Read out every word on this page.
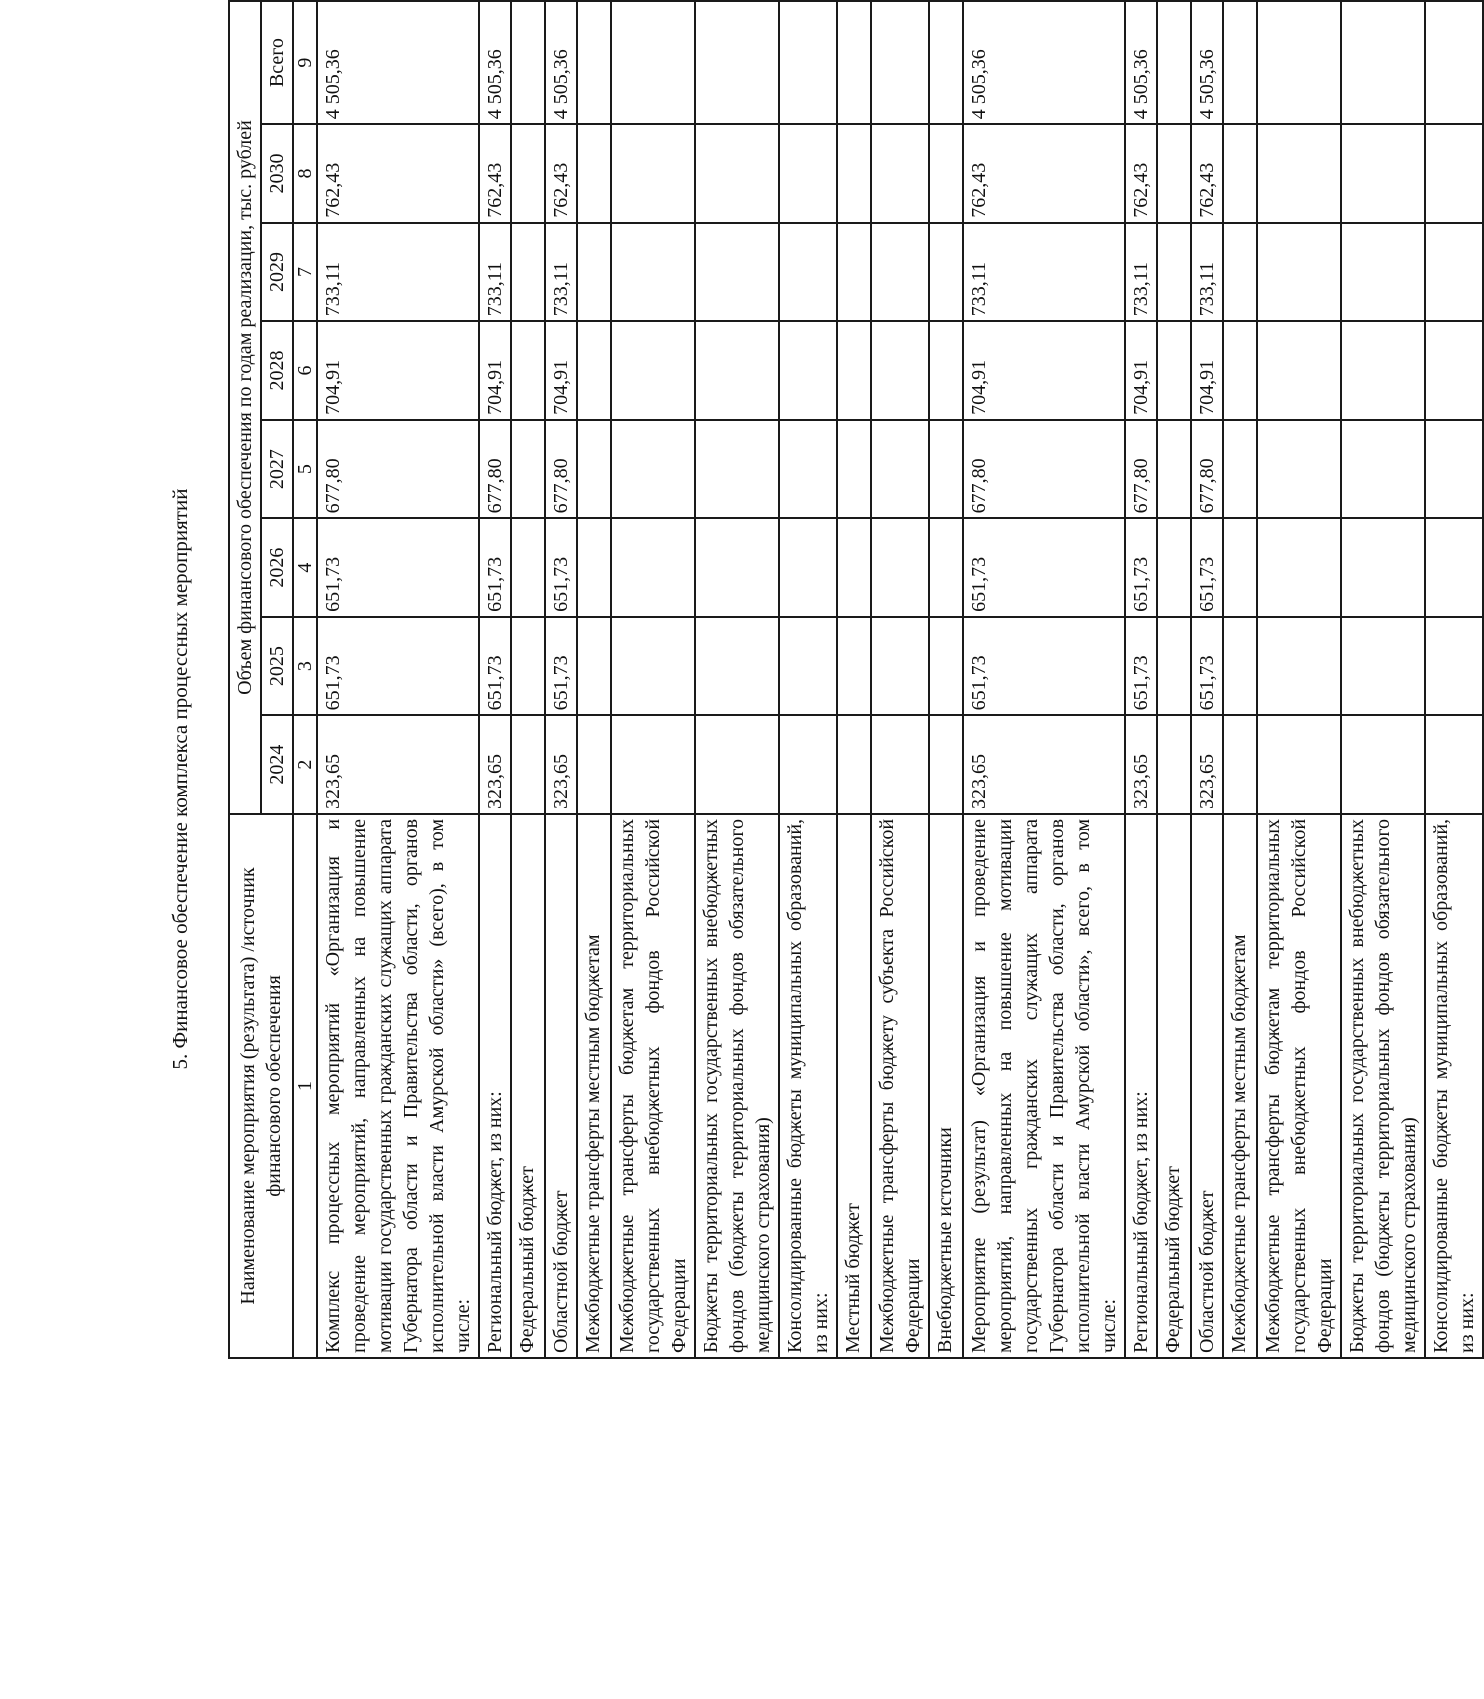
5. Финансовое обеспечение комплекса процессных мероприятий
Наименование мероприятия (результата) /источник финансового обеспечения	Объем финансового обеспечения по годам реализации, тыс. рублей							
	2024	2025	2026	2027	2028	2029	2030	Всего
1	2	3	4	5	6	7	8	9
Комплекс процессных мероприятий «Организация и проведение мероприятий, направленных на повышение мотивации государственных гражданских служащих аппарата Губернатора области и Правительства области, органов исполнительной власти Амурской области» (всего), в том числе:	323,65	651,73	651,73	677,80	704,91	733,11	762,43	4 505,36
Региональный бюджет, из них:	323,65	651,73	651,73	677,80	704,91	733,11	762,43	4 505,36
Федеральный бюджет								
Областной бюджет	323,65	651,73	651,73	677,80	704,91	733,11	762,43	4 505,36
Межбюджетные трансферты местным бюджетам								
Межбюджетные трансферты бюджетам территориальных государственных внебюджетных фондов Российской Федерации								
Бюджеты территориальных государственных внебюджетных фондов (бюджеты территориальных фондов обязательного медицинского страхования)								
Консолидированные бюджеты муниципальных образований, из них:								
Местный бюджет								
Межбюджетные трансферты бюджету субъекта Российской Федерации								
Внебюджетные источники								
Мероприятие (результат) «Организация и проведение мероприятий, направленных на повышение мотивации государственных гражданских служащих аппарата Губернатора области и Правительства области, органов исполнительной власти Амурской области», всего, в том числе:	323,65	651,73	651,73	677,80	704,91	733,11	762,43	4 505,36
Региональный бюджет, из них:	323,65	651,73	651,73	677,80	704,91	733,11	762,43	4 505,36
Федеральный бюджет								
Областной бюджет	323,65	651,73	651,73	677,80	704,91	733,11	762,43	4 505,36
Межбюджетные трансферты местным бюджетам								
Межбюджетные трансферты бюджетам территориальных государственных внебюджетных фондов Российской Федерации								
Бюджеты территориальных государственных внебюджетных фондов (бюджеты территориальных фондов обязательного медицинского страхования)								
Консолидированные бюджеты муниципальных образований, из них:								
